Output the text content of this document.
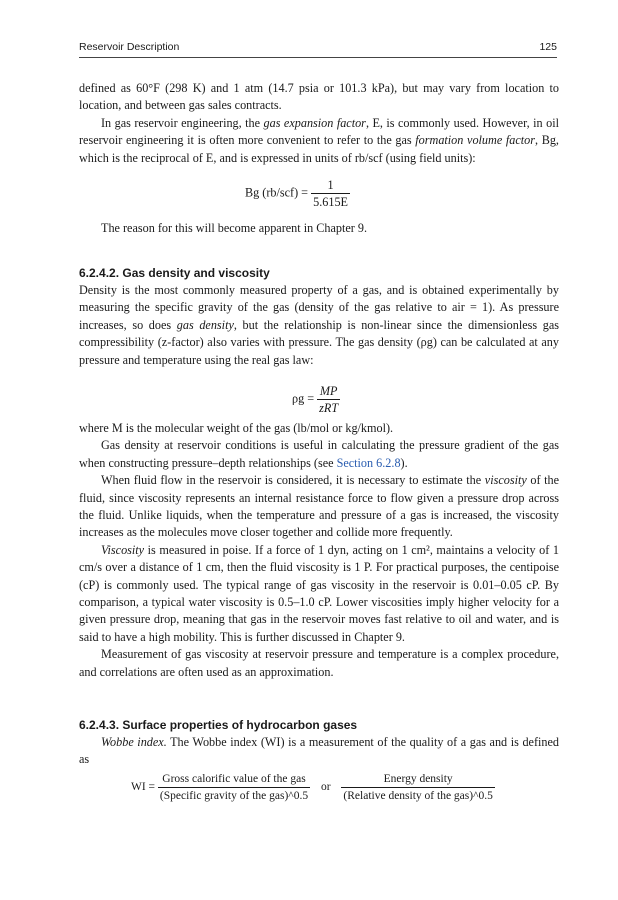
Reservoir Description	125

defined as 60°F (298 K) and 1 atm (14.7 psia or 101.3 kPa), but may vary from location to location, and between gas sales contracts.

In gas reservoir engineering, the gas expansion factor, E, is commonly used. However, in oil reservoir engineering it is often more convenient to refer to the gas formation volume factor, Bg, which is the reciprocal of E, and is expressed in units of rb/scf (using field units):

Bg $(rb/scf) = \frac{1}{5.615E}$

The reason for this will become apparent in Chapter 9.

6.2.4.2. Gas density and viscosity

Density is the most commonly measured property of a gas, and is obtained experimentally by measuring the specific gravity of the gas (density of the gas relative to air = 1). As pressure increases, so does gas density, but the relationship is non-linear since the dimensionless gas compressibility (z-factor) also varies with pressure. The gas density (ρg) can be calculated at any pressure and temperature using the real gas law:

$\rho g = \frac{MP}{\text{zRT}}$

where M is the molecular weight of the gas (lb/mol or kg/kmol).

Gas density at reservoir conditions is useful in calculating the pressure gradient of the gas when constructing pressure–depth relationships (see Section 6.2.8).

When fluid flow in the reservoir is considered, it is necessary to estimate the viscosity of the fluid, since viscosity represents an internal resistance force to flow given a pressure drop across the fluid. Unlike liquids, when the temperature and pressure of a gas is increased, the viscosity increases as the molecules move closer together and collide more frequently.

Viscosity is measured in poise. If a force of 1 dyn, acting on 1 cm², maintains a velocity of 1 cm/s over a distance of 1 cm, then the fluid viscosity is 1 P. For practical purposes, the centipoise (cP) is commonly used. The typical range of gas viscosity in the reservoir is 0.01–0.05 cP. By comparison, a typical water viscosity is 0.5–1.0 cP. Lower viscosities imply higher velocity for a given pressure drop, meaning that gas in the reservoir moves fast relative to oil and water, and is said to have a high mobility. This is further discussed in Chapter 9.

Measurement of gas viscosity at reservoir pressure and temperature is a complex procedure, and correlations are often used as an approximation.

6.2.4.3. Surface properties of hydrocarbon gases

Wobbe index. The Wobbe index (WI) is a measurement of the quality of a gas and is defined as

WI = $\frac{\text{Gross calorific value of the gas}}{\text{(Specific gravity of the gas)\textasciicircum{}0.5}}$ or $\frac{\text{Energy density}}{\text{(Relative density of the gas)\textasciicircum{}0.5}}$
